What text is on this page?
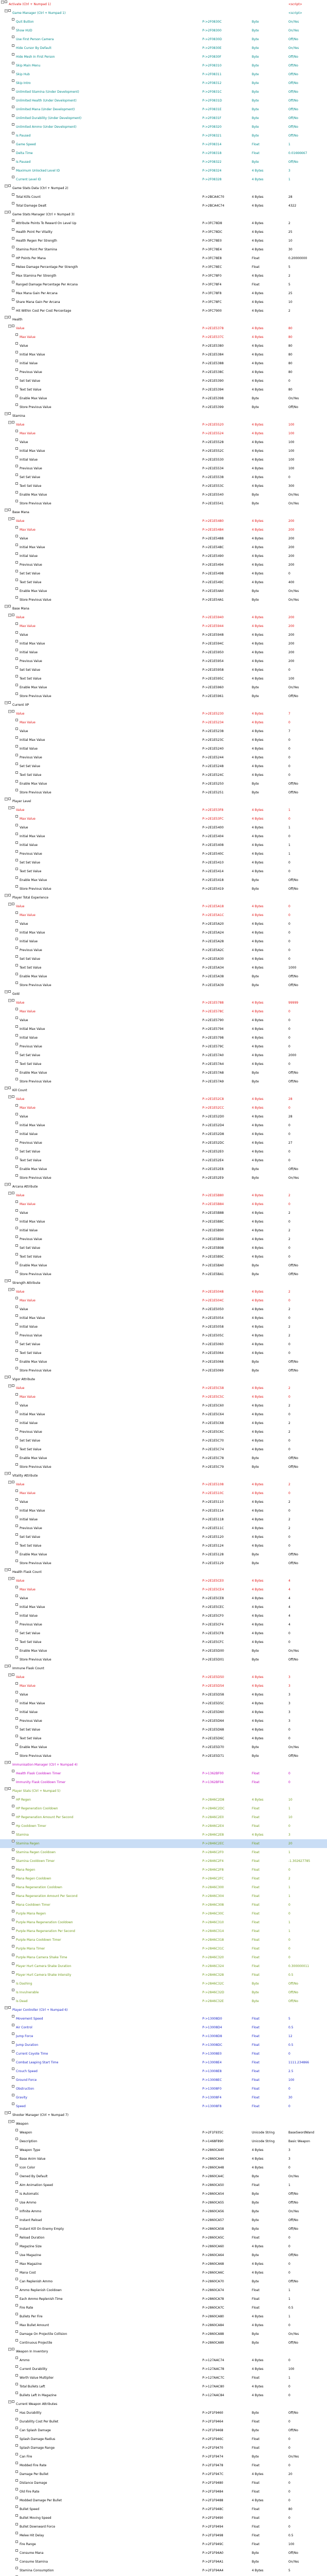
−
Activate (Ctrl + Numpad 1)	<script>
−
Game Manager (Ctrl + Numpad 1)	<script>
Quit Button	P->2F0830C	Byte	On/Yes
Show HUD	P->2F08300	Byte	On/Yes
Use First Person Camera	P->2F0830D	Byte	Off/No
Hide Cursor By Default	P->2F0830E	Byte	On/Yes
Hide Mesh In First Person	P->2F0830F	Byte	Off/No
Skip Main Menu	P->2F08310	Byte	Off/No
Skip Hub	P->2F08311	Byte	Off/No
Skip Intro	P->2F08312	Byte	Off/No
Unlimited Stamina (Under Development)	P->2F0831C	Byte	Off/No
Unlimited Health (Under Development)	P->2F0831D	Byte	Off/No
Unlimited Mana (Under Development)	P->2F0831E	Byte	Off/No
Unlimited Durability (Under Development)	P->2F0831F	Byte	Off/No
Unlimited Ammo (Under Development)	P->2F08320	Byte	Off/No
Is Paused	P->2F08321	Byte	Off/No
Game Speed	P->2F08314	Float	1
Delta Time	P->2F08318	Float	0.01666667
Is Paused	P->2F08322	Byte	Off/No
Maximum Unlocked Level ID	P->2F08324	4 Bytes	3
Current Level ID	P->2F08328	4 Bytes	1
−
Game Stats Data (Ctrl + Numpad 2)
Total Kills Count	P->2BCA4C70	4 Bytes	28
Total Damage Dealt	P->2BCA4C74	4 Bytes	4322
−
Game Stats Manager (Ctrl + Numpad 3)
Attribute Points To Reward On Level Up	P->3FC78D8	4 Bytes	2
Health Point Per Vitality	P->3FC78DC	4 Bytes	25
Health Regen Per Strength	P->3FC78E0	4 Bytes	10
Stamina Point Per Stamina	P->3FC78E4	4 Bytes	30
HP Points Per Mana	P->3FC78E8	Float	0.20000000
Melee Damage Percentage Per Strength	P->3FC78EC	Float	5
Max Stamina Per Strength	P->3FC78F0	4 Bytes	2
Ranged Damage Percentage Per Arcana	P->3FC78F4	Float	5
Max Mana Gain Per Arcana	P->3FC78F8	4 Bytes	25
Share Mana Gain Per Arcana	P->3FC78FC	4 Bytes	10
Hit Within Cost Per Cost Percentage	P->3FC7900	4 Bytes	2
−
Health
−
Value	P->2E1E5378	4 Bytes	80
Max Value	P->2E1E537C	4 Bytes	80
Value	P->2E1E5380	4 Bytes	80
Initial Max Value	P->2E1E5384	4 Bytes	80
Initial Value	P->2E1E5388	4 Bytes	80
Previous Value	P->2E1E538C	4 Bytes	80
Set Set Value	P->2E1E5390	4 Bytes	0
Text Set Value	P->2E1E5394	4 Bytes	80
Enable Max Value	P->2E1E5398	Byte	On/Yes
Store Previous Value	P->2E1E5399	Byte	Off/No
−
Stamina
−
Value	P->2E1E5520	4 Bytes	100
Max Value	P->2E1E5524	4 Bytes	100
Value	P->2E1E5528	4 Bytes	100
Initial Max Value	P->2E1E552C	4 Bytes	100
Initial Value	P->2E1E5530	4 Bytes	100
Previous Value	P->2E1E5534	4 Bytes	100
Set Set Value	P->2E1E5538	4 Bytes	0
Text Set Value	P->2E1E553C	4 Bytes	300
Enable Max Value	P->2E1E5540	Byte	On/Yes
Store Previous Value	P->2E1E5541	Byte	On/Yes
−
Base Mana
−
Value	P->2E1E5480	4 Bytes	200
Max Value	P->2E1E5484	4 Bytes	200
Value	P->2E1E5488	4 Bytes	200
Initial Max Value	P->2E1E548C	4 Bytes	200
Initial Value	P->2E1E5490	4 Bytes	200
Previous Value	P->2E1E5494	4 Bytes	200
Set Set Value	P->2E1E5498	4 Bytes	0
Text Set Value	P->2E1E549C	4 Bytes	400
Enable Max Value	P->2E1E54A0	Byte	On/Yes
Store Previous Value	P->2E1E54A1	Byte	On/Yes
−
Base Mana
−
Value	P->2E1E5940	4 Bytes	200
Max Value	P->2E1E5944	4 Bytes	200
Value	P->2E1E5948	4 Bytes	200
Initial Max Value	P->2E1E594C	4 Bytes	200
Initial Value	P->2E1E5950	4 Bytes	200
Previous Value	P->2E1E5954	4 Bytes	200
Set Set Value	P->2E1E5958	4 Bytes	0
Text Set Value	P->2E1E595C	4 Bytes	100
Enable Max Value	P->2E1E5960	Byte	On/Yes
Store Previous Value	P->2E1E5961	Byte	Off/No
−
Current XP
−
Value	P->2E1E5230	4 Bytes	7
Max Value	P->2E1E5234	4 Bytes	0
Value	P->2E1E5238	4 Bytes	7
Initial Max Value	P->2E1E523C	4 Bytes	0
Initial Value	P->2E1E5240	4 Bytes	0
Previous Value	P->2E1E5244	4 Bytes	0
Set Set Value	P->2E1E5248	4 Bytes	0
Text Set Value	P->2E1E524C	4 Bytes	0
Enable Max Value	P->2E1E5250	Byte	Off/No
Store Previous Value	P->2E1E5251	Byte	Off/No
−
Player Level
−
Value	P->2E1E53F8	4 Bytes	1
Max Value	P->2E1E53FC	4 Bytes	0
Value	P->2E1E5400	4 Bytes	1
Initial Max Value	P->2E1E5404	4 Bytes	0
Initial Value	P->2E1E5408	4 Bytes	1
Previous Value	P->2E1E540C	4 Bytes	1
Set Set Value	P->2E1E5410	4 Bytes	0
Text Set Value	P->2E1E5414	4 Bytes	0
Enable Max Value	P->2E1E5418	Byte	Off/No
Store Previous Value	P->2E1E5419	Byte	Off/No
−
Player Total Experience
−
Value	P->2E1E5A18	4 Bytes	0
Max Value	P->2E1E5A1C	4 Bytes	0
Value	P->2E1E5A20	4 Bytes	0
Initial Max Value	P->2E1E5A24	4 Bytes	0
Initial Value	P->2E1E5A28	4 Bytes	0
Previous Value	P->2E1E5A2C	4 Bytes	0
Set Set Value	P->2E1E5A30	4 Bytes	0
Text Set Value	P->2E1E5A34	4 Bytes	1000
Enable Max Value	P->2E1E5A38	Byte	Off/No
Store Previous Value	P->2E1E5A39	Byte	Off/No
−
Gold
−
Value	P->2E1E5788	4 Bytes	99999
Max Value	P->2E1E578C	4 Bytes	0
Value	P->2E1E5790	4 Bytes	0
Initial Max Value	P->2E1E5794	4 Bytes	0
Initial Value	P->2E1E5798	4 Bytes	0
Previous Value	P->2E1E579C	4 Bytes	0
Set Set Value	P->2E1E57A0	4 Bytes	2000
Text Set Value	P->2E1E57A4	4 Bytes	0
Enable Max Value	P->2E1E57A8	Byte	Off/No
Store Previous Value	P->2E1E57A9	Byte	Off/No
−
Kill Count
−
Value	P->2E1E52C8	4 Bytes	28
Max Value	P->2E1E52CC	4 Bytes	0
Value	P->2E1E52D0	4 Bytes	28
Initial Max Value	P->2E1E52D4	4 Bytes	0
Initial Value	P->2E1E52D8	4 Bytes	0
Previous Value	P->2E1E52DC	4 Bytes	27
Set Set Value	P->2E1E52E0	4 Bytes	0
Text Set Value	P->2E1E52E4	4 Bytes	0
Enable Max Value	P->2E1E52E8	Byte	Off/No
Store Previous Value	P->2E1E52E9	Byte	On/Yes
−
Arcana Attribute
−
Value	P->2E1E5B80	4 Bytes	2
Max Value	P->2E1E5B84	4 Bytes	0
Value	P->2E1E5B88	4 Bytes	2
Initial Max Value	P->2E1E5B8C	4 Bytes	0
Initial Value	P->2E1E5B90	4 Bytes	2
Previous Value	P->2E1E5B94	4 Bytes	2
Set Set Value	P->2E1E5B98	4 Bytes	0
Text Set Value	P->2E1E5B9C	4 Bytes	0
Enable Max Value	P->2E1E5BA0	Byte	Off/No
Store Previous Value	P->2E1E5BA1	Byte	Off/No
−
Strength Attribute
−
Value	P->2E1E5048	4 Bytes	2
Max Value	P->2E1E504C	4 Bytes	0
Value	P->2E1E5050	4 Bytes	2
Initial Max Value	P->2E1E5054	4 Bytes	0
Initial Value	P->2E1E5058	4 Bytes	2
Previous Value	P->2E1E505C	4 Bytes	2
Set Set Value	P->2E1E5060	4 Bytes	0
Text Set Value	P->2E1E5064	4 Bytes	0
Enable Max Value	P->2E1E5068	Byte	Off/No
Store Previous Value	P->2E1E5069	Byte	Off/No
−
Vigor Attribute
−
Value	P->2E1E5C58	4 Bytes	2
Max Value	P->2E1E5C5C	4 Bytes	0
Value	P->2E1E5C60	4 Bytes	2
Initial Max Value	P->2E1E5C64	4 Bytes	0
Initial Value	P->2E1E5C68	4 Bytes	2
Previous Value	P->2E1E5C6C	4 Bytes	2
Set Set Value	P->2E1E5C70	4 Bytes	0
Text Set Value	P->2E1E5C74	4 Bytes	0
Enable Max Value	P->2E1E5C78	Byte	Off/No
Store Previous Value	P->2E1E5C79	Byte	Off/No
−
Vitality Attribute
−
Value	P->2E1E5108	4 Bytes	2
Max Value	P->2E1E510C	4 Bytes	0
Value	P->2E1E5110	4 Bytes	2
Initial Max Value	P->2E1E5114	4 Bytes	0
Initial Value	P->2E1E5118	4 Bytes	2
Previous Value	P->2E1E511C	4 Bytes	2
Set Set Value	P->2E1E5120	4 Bytes	0
Text Set Value	P->2E1E5124	4 Bytes	0
Enable Max Value	P->2E1E5128	Byte	Off/No
Store Previous Value	P->2E1E5129	Byte	Off/No
−
Health Flask Count
−
Value	P->2E1E5CE0	4 Bytes	4
Max Value	P->2E1E5CE4	4 Bytes	4
Value	P->2E1E5CE8	4 Bytes	4
Initial Max Value	P->2E1E5CEC	4 Bytes	4
Initial Value	P->2E1E5CF0	4 Bytes	4
Previous Value	P->2E1E5CF4	4 Bytes	4
Set Set Value	P->2E1E5CF8	4 Bytes	0
Text Set Value	P->2E1E5CFC	4 Bytes	0
Enable Max Value	P->2E1E5D00	Byte	On/Yes
Store Previous Value	P->2E1E5D01	Byte	Off/No
−
Immune Flask Count
−
Value	P->2E1E5D50	4 Bytes	3
Max Value	P->2E1E5D54	4 Bytes	3
Value	P->2E1E5D58	4 Bytes	3
Initial Max Value	P->2E1E5D5C	4 Bytes	3
Initial Value	P->2E1E5D60	4 Bytes	3
Previous Value	P->2E1E5D64	4 Bytes	3
Set Set Value	P->2E1E5D68	4 Bytes	0
Text Set Value	P->2E1E5D6C	4 Bytes	0
Enable Max Value	P->2E1E5D70	Byte	On/Yes
Store Previous Value	P->2E1E5D71	Byte	Off/No
−
Immunisation Manager (Ctrl + Numpad 4)
Health Flask Cooldown Timer	P->1362BF00	Float	0
Immunity Flask Cooldown Timer	P->1362BF04	Float	0
−
Player Stats (Ctrl + Numpad 5)
HP Regen	P->2846C2D8	4 Bytes	10
HP Regeneration Cooldown	P->2846C2DC	Float	1
HP Regeneration Amount Per Second	P->2846C2E0	Float	10
Hp Cooldown Timer	P->2846C2E4	Float	0
Stamina	P->2846C2E8	4 Bytes	3
Stamina Regen	P->2846C2EC	Float	20
Stamina Regen Cooldown	P->2846C2F0	Float	1
Stamina Cooldown Timer	P->2846C2F4	Float	-1.302627785
Mana Regen	P->2846C2F8	Float	0
Mana Regen Cooldown	P->2846C2FC	Float	2
Mana Regeneration Cooldown	P->2846C300	Float	1
Mana Regeneration Amount Per Second	P->2846C304	Float	1
Mana Cooldown Timer	P->2846C308	Float	0
Purple Mana Regen	P->2846C30C	Float	0
Purple Mana Regeneration Cooldown	P->2846C310	Float	1
Purple Mana Regeneration Per Second	P->2846C314	Float	1
Purple Mana Cooldown Timer	P->2846C318	Float	0
Purple Mana Timer	P->2846C31C	Float	0
Purple Mana Camera Shake Time	P->2846C320	Float	0
Player Hurt Camera Shake Duration	P->2846C324	Float	0.300000011
Player Hurt Camera Shake Intensity	P->2846C328	Float	0.5
Is Dashing	P->2846C32C	Byte	Off/No
Is Invulnerable	P->2846C32D	Byte	Off/No
Is Dead	P->2846C32E	Byte	Off/No
−
Player Controller (Ctrl + Numpad 6)
Movement Speed	P->13008D0	Float	5
Air Control	P->13008D4	Float	0.5
Jump Force	P->13008D8	Float	12
Jump Duration	P->13008DC	Float	0.5
Current Coyote Time	P->13008E0	Float	0
Combat Leaping Start Time	P->13008E4	Float	1111.234866
Crouch Speed	P->13008E8	Float	2.5
Ground Force	P->13008EC	Float	100
Obstruction	P->13008F0	Float	0
Gravity	P->13008F4	Float	30
Speed	P->13008F8	Float	0
−
Shooter Manager (Ctrl + Numpad 7)
−
Weapon
Weapon	P->2F1F935C	Unicode String	BaseSwordWand
Description	P->1468F890	Unicode String	Basic Weapon
Weapon Type	P->2860CA40	4 Bytes	3
Base Anim Value	P->2860CA44	4 Bytes	3
Icon Color	P->2860CA48	4 Bytes	0
Owned By Default	P->2860CA4C	Byte	On/Yes
Aim Animation Speed	P->2860CA50	Float	1
Is Automatic	P->2860CA54	Byte	Off/No
Use Ammo	P->2860CA55	Byte	Off/No
Infinite Ammo	P->2860CA56	Byte	On/Yes
Instant Reload	P->2860CA57	Byte	Off/No
Instant Kill On Enemy Empty	P->2860CA58	Byte	Off/No
Reload Duration	P->2860CA5C	Float	0
Magazine Size	P->2860CA60	4 Bytes	0
Use Magazine	P->2860CA64	Byte	Off/No
Max Magazine	P->2860CA68	4 Bytes	0
Mana Cost	P->2860CA6C	4 Bytes	0
Can Replenish Ammo	P->2860CA70	Byte	Off/No
Ammo Replenish Cooldown	P->2860CA74	Float	1
Each Ammo Replenish Time	P->2860CA78	Float	1
Fire Rate	P->2860CA7C	Float	0.5
Bullets Per Fire	P->2860CA80	4 Bytes	1
Max Bullet Amount	P->2860CA84	4 Bytes	0
Damage On Projectile Collision	P->2860CA88	Byte	On/Yes
Continuous Projectile	P->2860CA89	Byte	Off/No
−
Weapon In Inventory
Ammo	P->127AAC74	4 Bytes	0
Current Durability	P->127AAC78	4 Bytes	100
Worth Value Multiplier	P->127AAC7C	Float	1
Total Bullets Left	P->127AAC80	4 Bytes	0
Bullets Left In Magazine	P->127AAC84	4 Bytes	0
−
Current Weapon Attributes
Has Durability	P->2F1F9460	Byte	Off/No
Durability Cost Per Bullet	P->2F1F9464	Float	0
Can Splash Damage	P->2F1F9468	Byte	Off/No
Splash Damage Radius	P->2F1F946C	Float	0
Splash Damage Range	P->2F1F9470	Float	0
Can Fire	P->2F1F9474	Byte	On/Yes
Modded Fire Rate	P->2F1F9478	Float	0
Damage Per Bullet	P->2F1F947C	4 Bytes	20
Distance Damage	P->2F1F9480	Float	0
Old Fire Rate	P->2F1F9484	Float	0
Modded Damage Per Bullet	P->2F1F9488	4 Bytes	0
Bullet Speed	P->2F1F948C	Float	80
Bullet Moving Speed	P->2F1F9490	Float	0
Bullet Downward Force	P->2F1F9494	Float	0
Melee Hit Delay	P->2F1F9498	Float	0.5
Fire Range	P->2F1F949C	Float	100
Consume Mana	P->2F1F94A0	Byte	Off/No
Consume Stamina	P->2F1F94A1	Byte	On/Yes
Stamina Consumption	P->2F1F94A4	4 Bytes	5
